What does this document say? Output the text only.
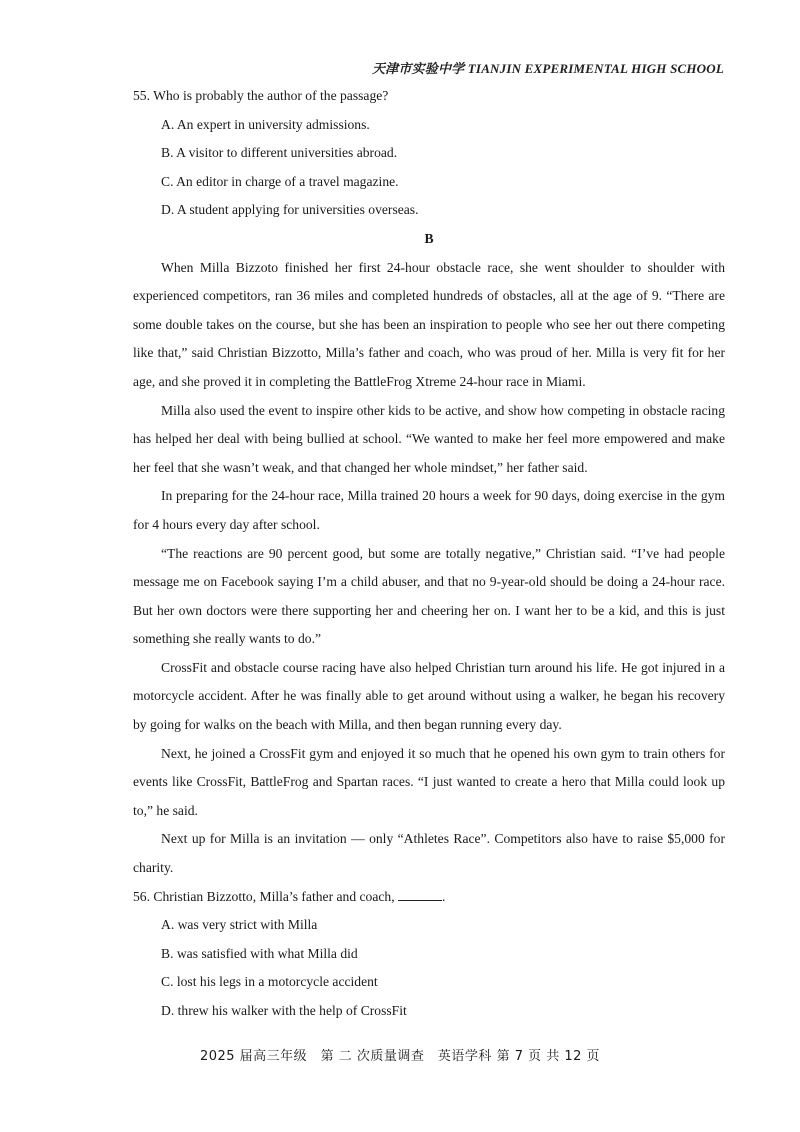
天津市实验中学 TIANJIN EXPERIMENTAL HIGH SCHOOL

55. Who is probably the author of the passage?

A. An expert in university admissions.

B. A visitor to different universities abroad.

C. An editor in charge of a travel magazine.

D. A student applying for universities overseas.

B

When Milla Bizzoto finished her first 24-hour obstacle race, she went shoulder to shoulder with experienced competitors, ran 36 miles and completed hundreds of obstacles, all at the age of 9. “There are some double takes on the course, but she has been an inspiration to people who see her out there competing like that,” said Christian Bizzotto, Milla’s father and coach, who was proud of her. Milla is very fit for her age, and she proved it in completing the BattleFrog Xtreme 24-hour race in Miami.

Milla also used the event to inspire other kids to be active, and show how competing in obstacle racing has helped her deal with being bullied at school. “We wanted to make her feel more empowered and make her feel that she wasn’t weak, and that changed her whole mindset,” her father said.

In preparing for the 24-hour race, Milla trained 20 hours a week for 90 days, doing exercise in the gym for 4 hours every day after school.

“The reactions are 90 percent good, but some are totally negative,” Christian said. “I’ve had people message me on Facebook saying I’m a child abuser, and that no 9-year-old should be doing a 24-hour race. But her own doctors were there supporting her and cheering her on. I want her to be a kid, and this is just something she really wants to do.”

CrossFit and obstacle course racing have also helped Christian turn around his life. He got injured in a motorcycle accident. After he was finally able to get around without using a walker, he began his recovery by going for walks on the beach with Milla, and then began running every day.

Next, he joined a CrossFit gym and enjoyed it so much that he opened his own gym to train others for events like CrossFit, BattleFrog and Spartan races. “I just wanted to create a hero that Milla could look up to,” he said.

Next up for Milla is an invitation — only “Athletes Race”. Competitors also have to raise $5,000 for charity.

56. Christian Bizzotto, Milla’s father and coach,	.

A. was very strict with Milla

B. was satisfied with what Milla did

C. lost his legs in a motorcycle accident

D. threw his walker with the help of CrossFit

2025 届高三年级　第 二 次质量调查　英语学科 第 7 页 共 12 页
